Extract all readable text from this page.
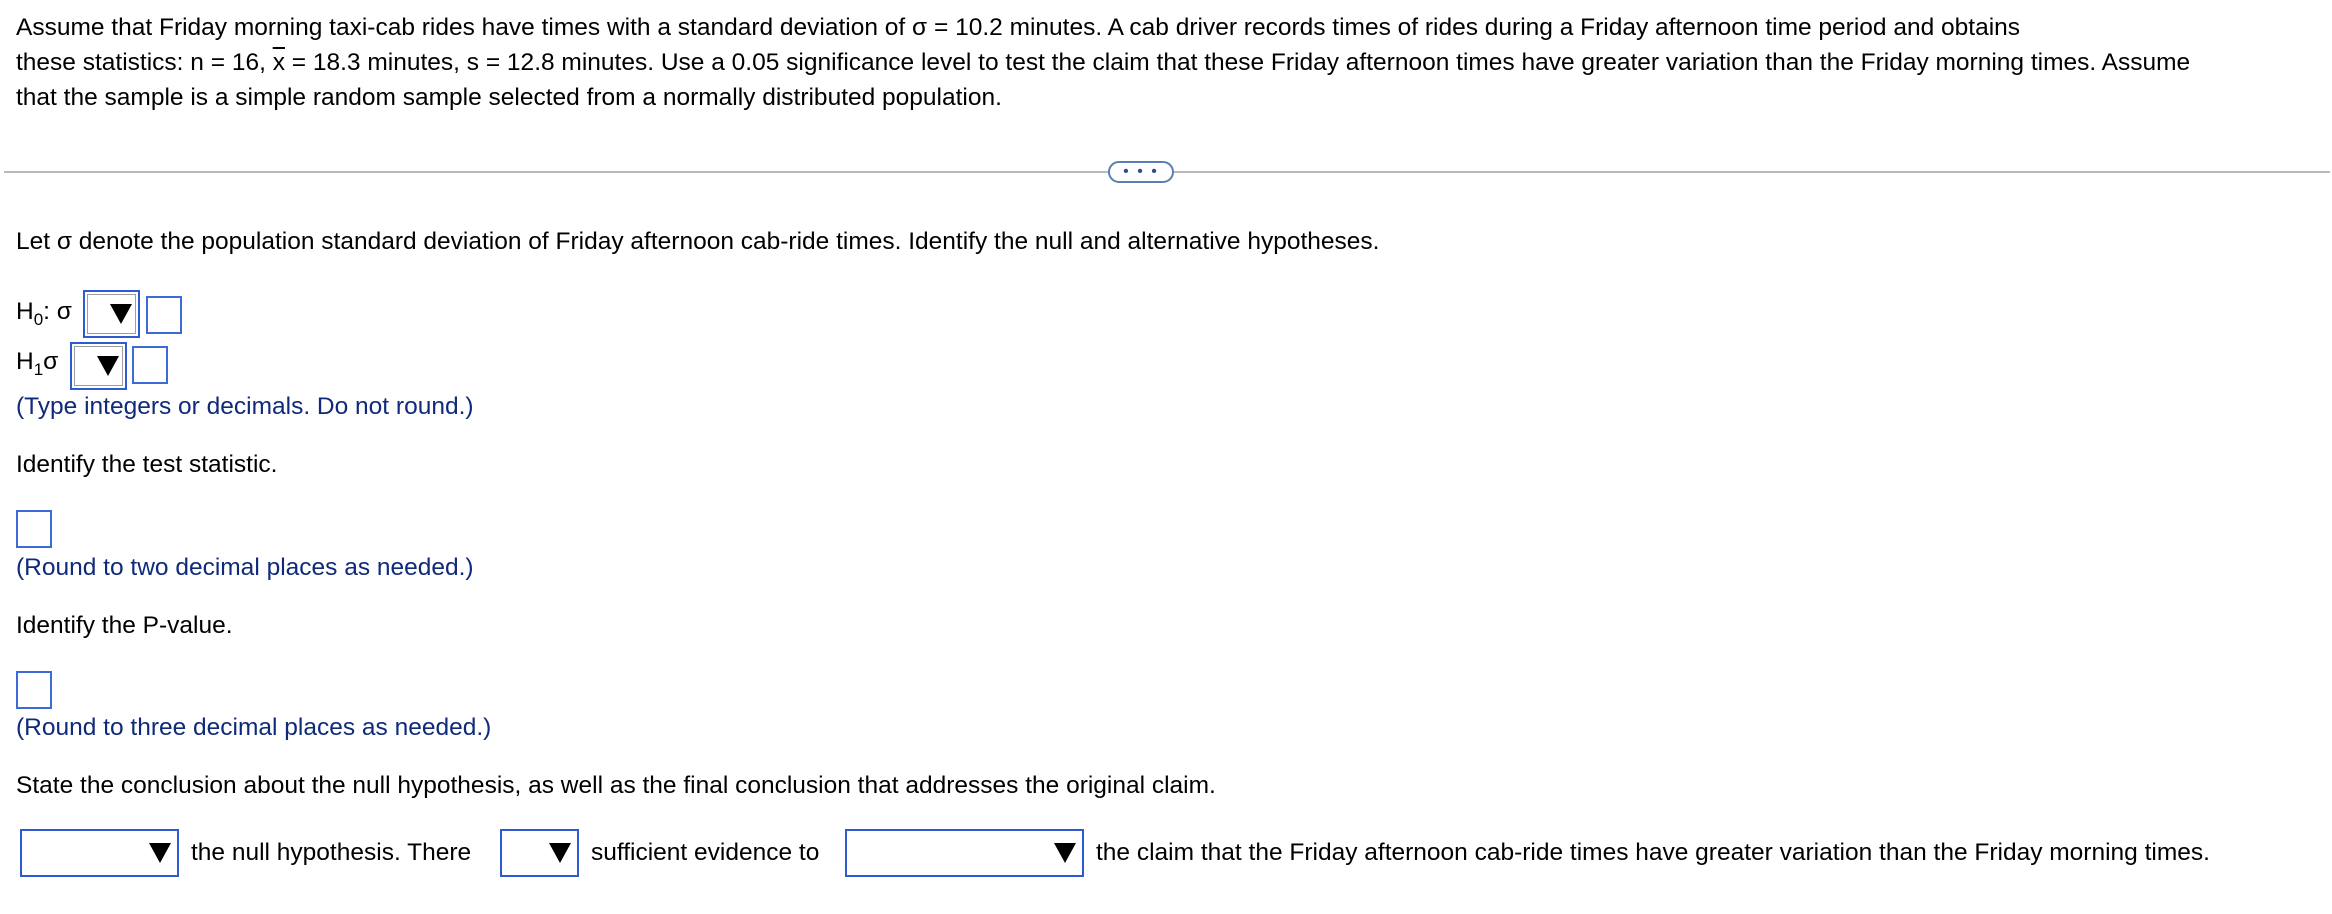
Assume that Friday morning taxi-cab rides have times with a standard deviation of σ = 10.2 minutes. A cab driver records times of rides during a Friday afternoon time period and obtains
these statistics: n = 16, $\overline{x} = 18.3$ minutes, s = 12.8 minutes. Use a 0.05 significance level to test the claim that these Friday afternoon times have greater variation than the Friday morning times. Assume
that the sample is a simple random sample selected from a normally distributed population.
• • •
Let σ denote the population standard deviation of Friday afternoon cab-ride times. Identify the null and alternative hypotheses.
$H_0$: σ
$H_1\sigma$
(Type integers or decimals. Do not round.)
Identify the test statistic.
(Round to two decimal places as needed.)
Identify the P-value.
(Round to three decimal places as needed.)
State the conclusion about the null hypothesis, as well as the final conclusion that addresses the original claim.
the null hypothesis. There	sufficient evidence to	the claim that the Friday afternoon cab-ride times have greater variation than the Friday morning times.
